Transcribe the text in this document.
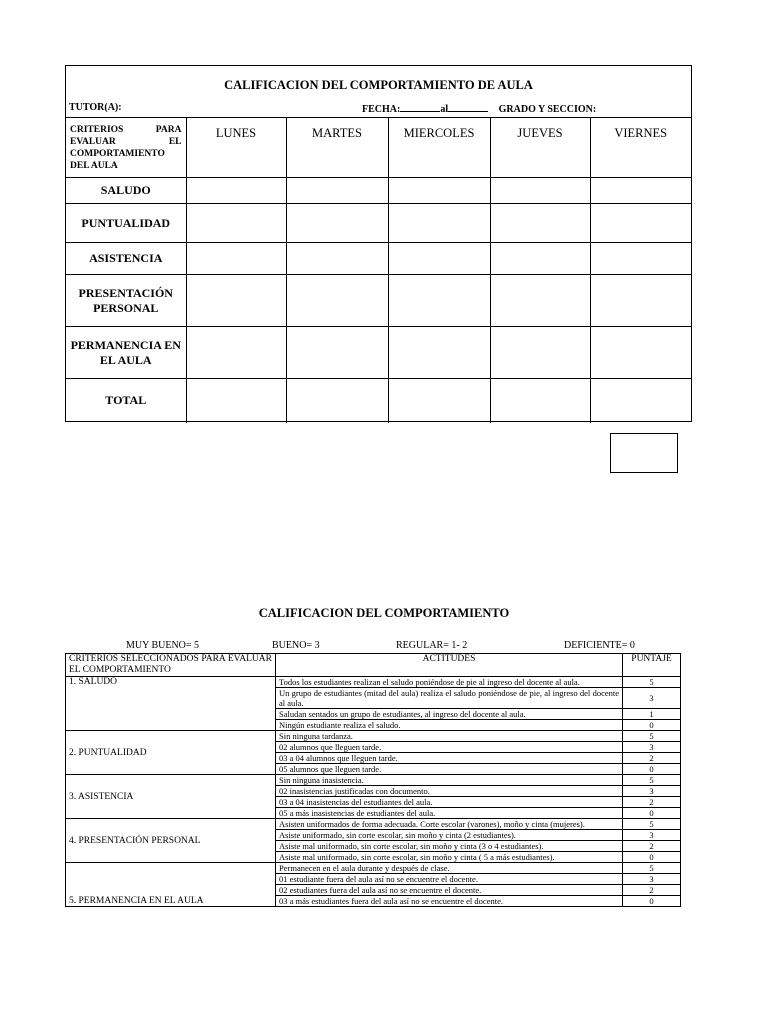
CALIFICACION DEL COMPORTAMIENTO DE AULA
TUTOR(A):	FECHA:	al	GRADO Y SECCION:
CRITERIOS PARA EVALUAR EL COMPORTAMIENTO DEL AULA	LUNES	MARTES	MIERCOLES	JUEVES	VIERNES
SALUDO					
PUNTUALIDAD					
ASISTENCIA					
PRESENTACIÓN PERSONAL					
PERMANENCIA EN EL AULA					
TOTAL					
CALIFICACION DEL COMPORTAMIENTO
MUY BUENO= 5	BUENO= 3	REGULAR= 1- 2	DEFICIENTE= 0
CRITERIOS SELECCIONADOS PARA EVALUAR EL COMPORTAMIENTO	ACTITUDES	PUNTAJE
1. SALUDO	Todos los estudiantes realizan el saludo poniéndose de pie al ingreso del docente al aula.	5
	Un grupo de estudiantes (mitad del aula) realiza el saludo poniéndose de pie, al ingreso del docente al aula.	3
	Saludan sentados un grupo de estudiantes, al ingreso del docente al aula.	1
	Ningún estudiante realiza el saludo.	0
2. PUNTUALIDAD	Sin ninguna tardanza.	5
	02 alumnos que lleguen tarde.	3
	03 a 04 alumnos que lleguen tarde.	2
	05 alumnos que lleguen tarde.	0
3. ASISTENCIA	Sin ninguna inasistencia.	5
	02 inasistencias justificadas con documento.	3
	03 a 04 inasistencias del estudiantes del aula.	2
	05 a más inasistencias de estudiantes del aula.	0
4. PRESENTACIÓN PERSONAL	Asisten uniformados de forma adecuada. Corte escolar (varones), moño y cinta (mujeres).	5
	Asiste uniformado, sin corte escolar, sin moño y cinta (2 estudiantes).	3
	Asiste mal uniformado, sin corte escolar, sin moño y cinta (3 o 4 estudiantes).	2
	Asiste mal uniformado, sin corte escolar, sin moño y cinta ( 5 a más estudiantes).	0
5. PERMANENCIA EN EL AULA	Permanecen en el aula durante y después de clase.	5
	01 estudiante fuera del aula así no se encuentre el docente.	3
	02 estudiantes fuera del aula así no se encuentre el docente.	2
	03 a más estudiantes fuera del aula así no se encuentre el docente.	0
